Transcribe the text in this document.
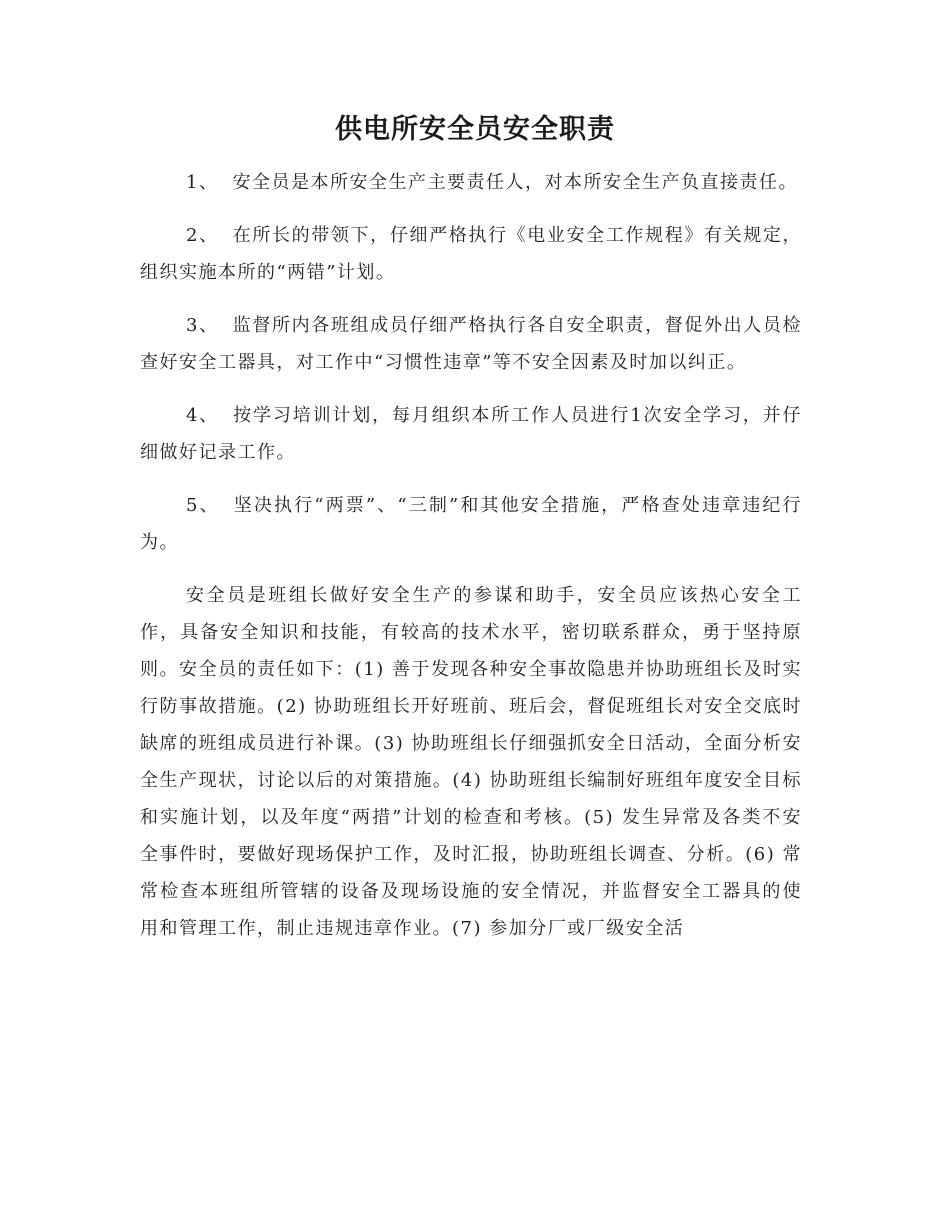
供电所安全员安全职责

1、 安全员是本所安全生产主要责任人，对本所安全生产负直接责任。

2、 在所长的带领下，仔细严格执行《电业安全工作规程》有关规定，组织实施本所的“两错”计划。

3、 监督所内各班组成员仔细严格执行各自安全职责，督促外出人员检查好安全工器具，对工作中“习惯性违章”等不安全因素及时加以纠正。

4、 按学习培训计划，每月组织本所工作人员进行1次安全学习，并仔细做好记录工作。

5、 坚决执行“两票”、“三制”和其他安全措施，严格查处违章违纪行为。

安全员是班组长做好安全生产的参谋和助手，安全员应该热心安全工作，具备安全知识和技能，有较高的技术水平，密切联系群众，勇于坚持原则。安全员的责任如下：(1) 善于发现各种安全事故隐患并协助班组长及时实行防事故措施。(2) 协助班组长开好班前、班后会，督促班组长对安全交底时缺席的班组成员进行补课。(3) 协助班组长仔细强抓安全日活动，全面分析安全生产现状，讨论以后的对策措施。(4) 协助班组长编制好班组年度安全目标和实施计划，以及年度“两措”计划的检查和考核。(5) 发生异常及各类不安全事件时，要做好现场保护工作，及时汇报，协助班组长调查、分析。(6) 常常检查本班组所管辖的设备及现场设施的安全情况，并监督安全工器具的使用和管理工作，制止违规违章作业。(7) 参加分厂或厂级安全活
